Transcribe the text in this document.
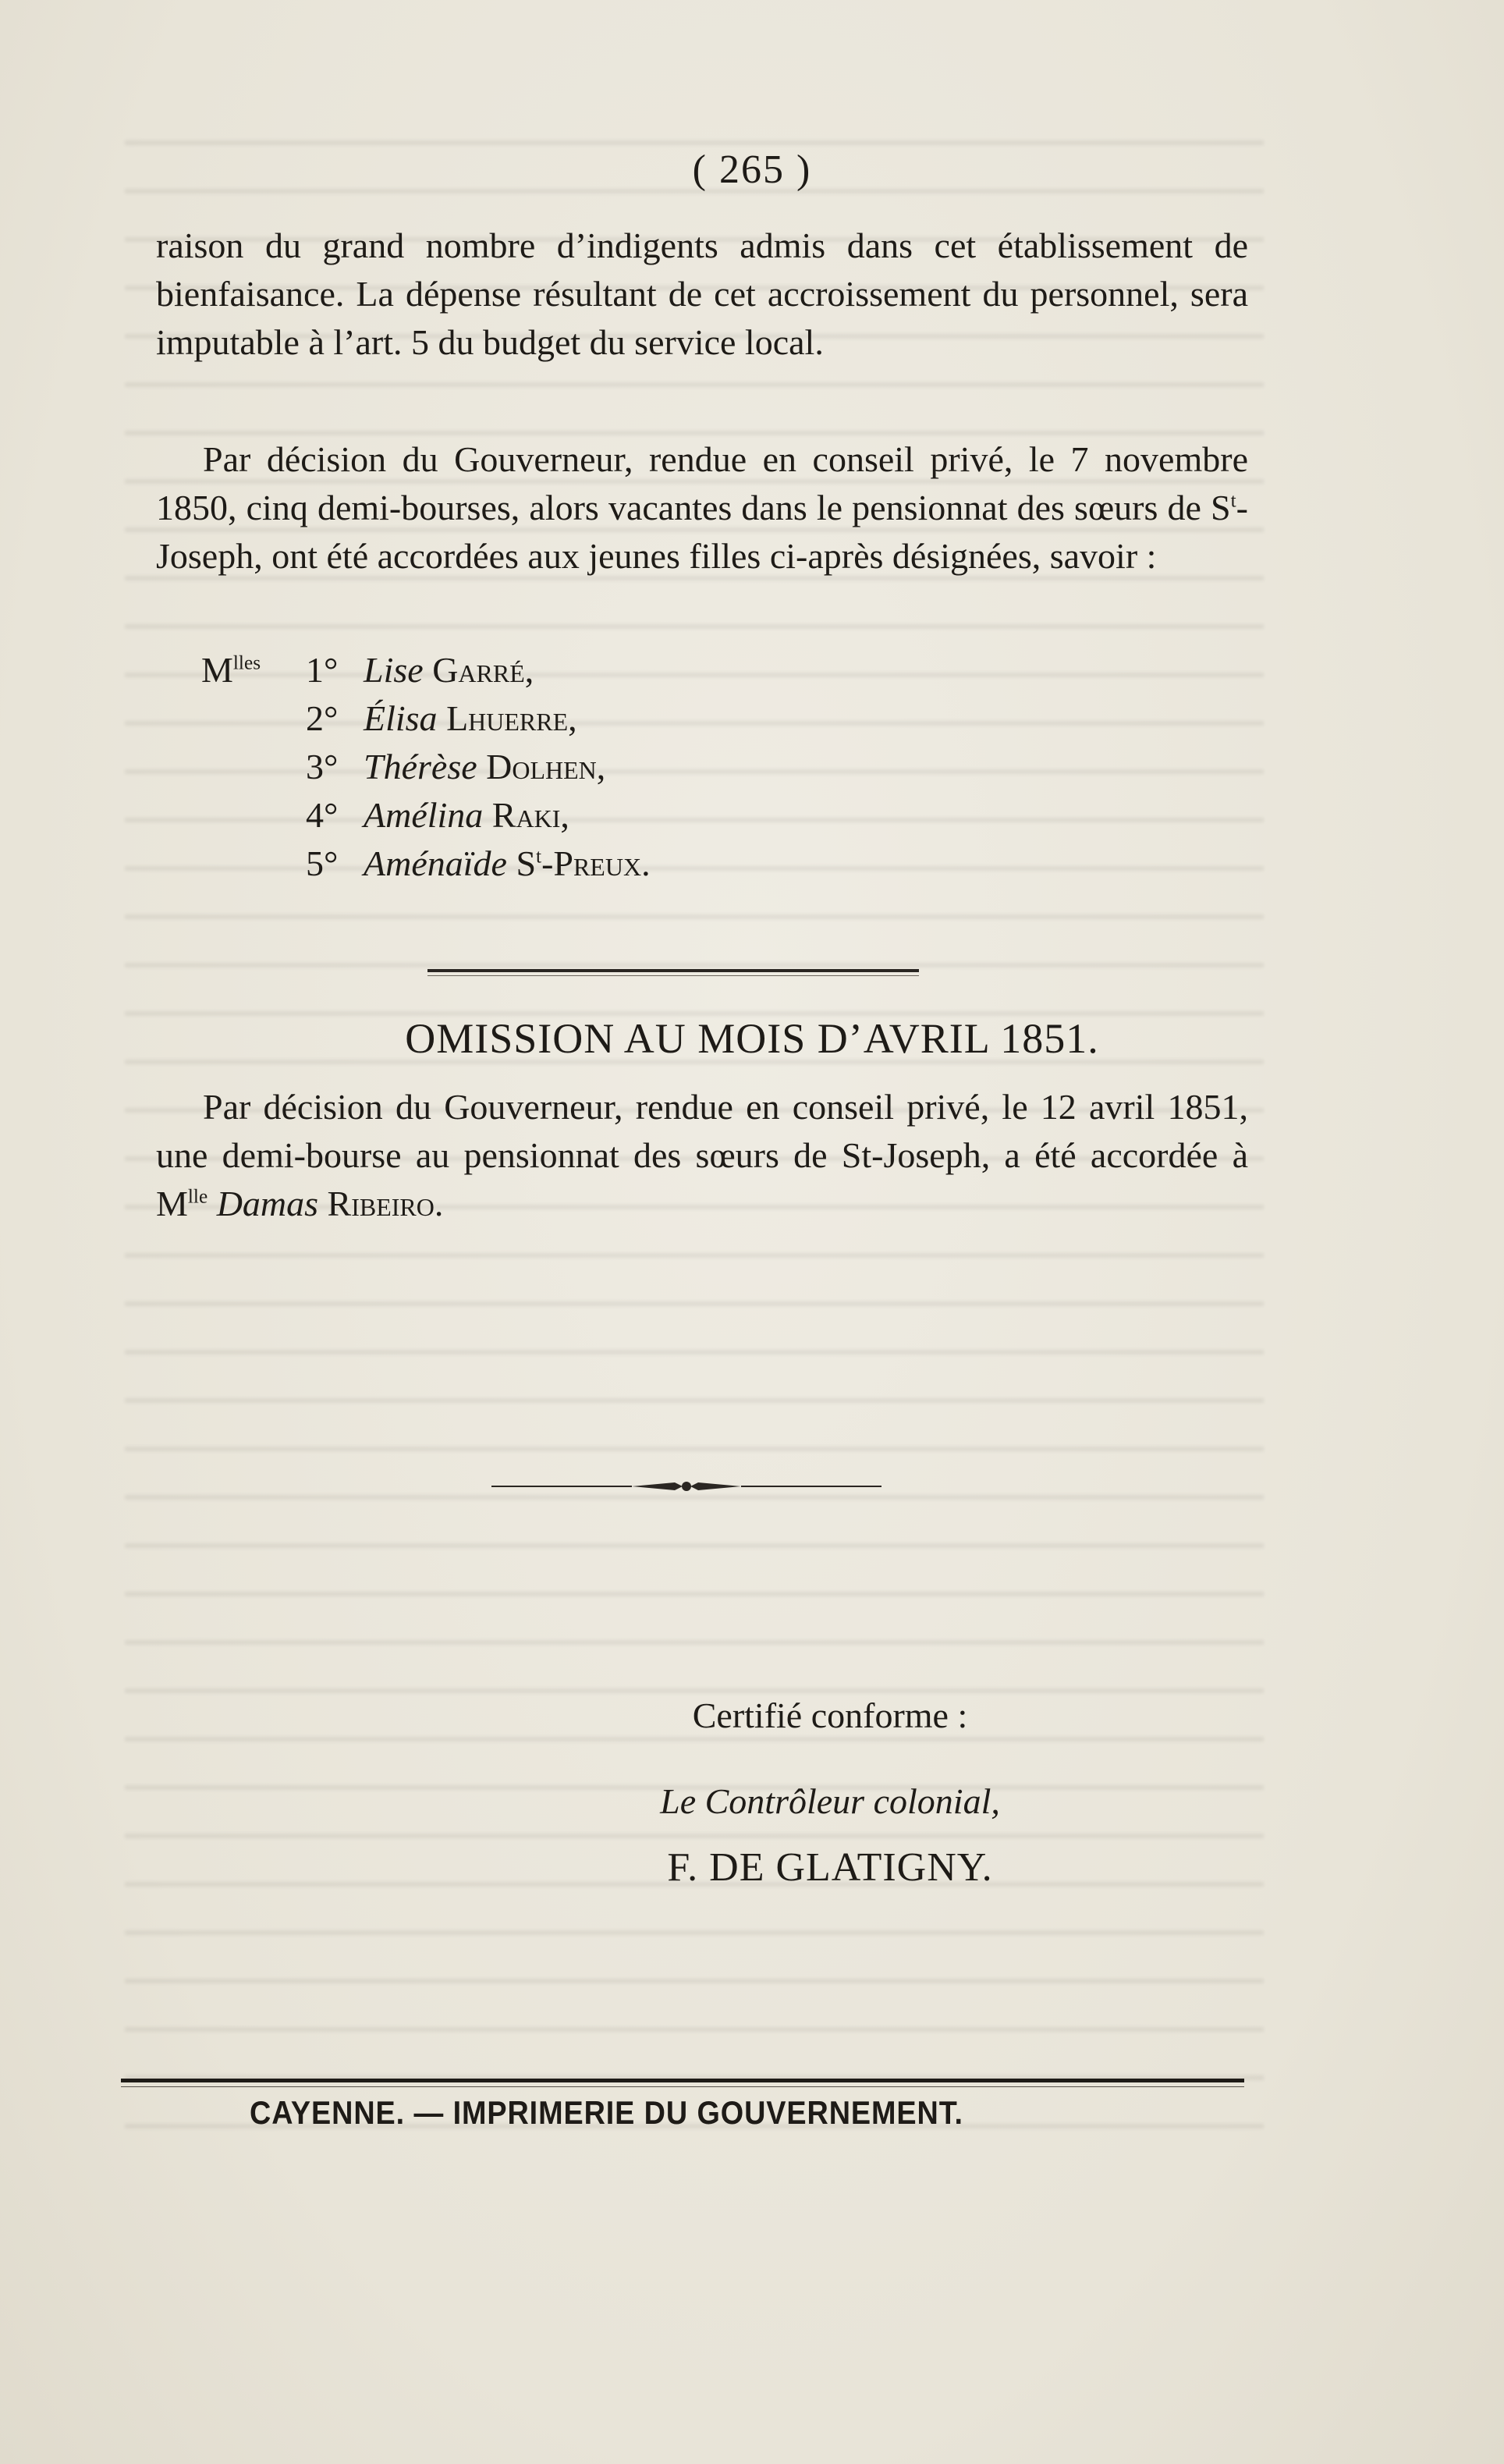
( 265 )
raison du grand nombre d’indigents admis dans cet établissement de bienfaisance. La dépense résultant de cet accroissement du personnel, sera imputable à l’art. 5 du budget du service local.
Par décision du Gouverneur, rendue en conseil privé, le 7 novembre 1850, cinq demi-bourses, alors vacantes dans le pensionnat des sœurs de $S^t$-Joseph, ont été accordées aux jeunes filles ci-après désignées, savoir :
$M^{lles}$ 1° Lise Garré,
2° Élisa Lhuerre,
3° Thérèse Dolhen,
4° Amélina Raki,
5° Aménaïde $S^t$-Preux.
OMISSION AU MOIS D’AVRIL 1851.
Par décision du Gouverneur, rendue en conseil privé, le 12 avril 1851, une demi-bourse au pensionnat des sœurs de St-Joseph, a été accordée à $M^{lle}$ Damas Ribeiro.
Certifié conforme :
Le Contrôleur colonial,
F. DE GLATIGNY.
CAYENNE. — IMPRIMERIE DU GOUVERNEMENT.
